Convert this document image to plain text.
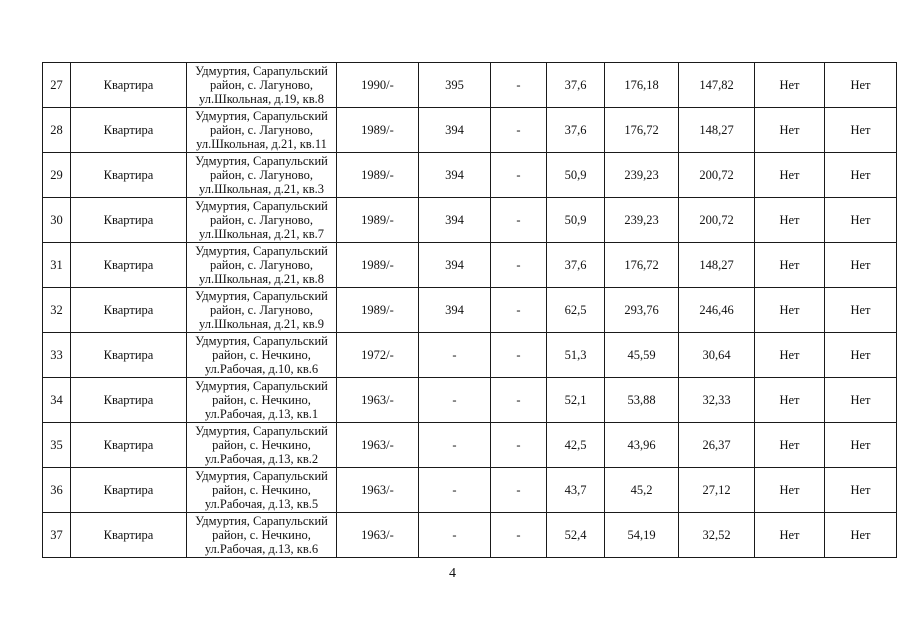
27	Квартира	Удмуртия, Сарапульский
район, с. Лагуново,
ул.Школьная, д.19, кв.8	1990/-	395	-	37,6	176,18	147,82	Нет	Нет
28	Квартира	Удмуртия, Сарапульский
район, с. Лагуново,
ул.Школьная, д.21, кв.11	1989/-	394	-	37,6	176,72	148,27	Нет	Нет
29	Квартира	Удмуртия, Сарапульский
район, с. Лагуново,
ул.Школьная, д.21, кв.3	1989/-	394	-	50,9	239,23	200,72	Нет	Нет
30	Квартира	Удмуртия, Сарапульский
район, с. Лагуново,
ул.Школьная, д.21, кв.7	1989/-	394	-	50,9	239,23	200,72	Нет	Нет
31	Квартира	Удмуртия, Сарапульский
район, с. Лагуново,
ул.Школьная, д.21, кв.8	1989/-	394	-	37,6	176,72	148,27	Нет	Нет
32	Квартира	Удмуртия, Сарапульский
район, с. Лагуново,
ул.Школьная, д.21, кв.9	1989/-	394	-	62,5	293,76	246,46	Нет	Нет
33	Квартира	Удмуртия, Сарапульский
район, с. Нечкино,
ул.Рабочая, д.10, кв.6	1972/-	-	-	51,3	45,59	30,64	Нет	Нет
34	Квартира	Удмуртия, Сарапульский
район, с. Нечкино,
ул.Рабочая, д.13, кв.1	1963/-	-	-	52,1	53,88	32,33	Нет	Нет
35	Квартира	Удмуртия, Сарапульский
район, с. Нечкино,
ул.Рабочая, д.13, кв.2	1963/-	-	-	42,5	43,96	26,37	Нет	Нет
36	Квартира	Удмуртия, Сарапульский
район, с. Нечкино,
ул.Рабочая, д.13, кв.5	1963/-	-	-	43,7	45,2	27,12	Нет	Нет
37	Квартира	Удмуртия, Сарапульский
район, с. Нечкино,
ул.Рабочая, д.13, кв.6	1963/-	-	-	52,4	54,19	32,52	Нет	Нет
4
